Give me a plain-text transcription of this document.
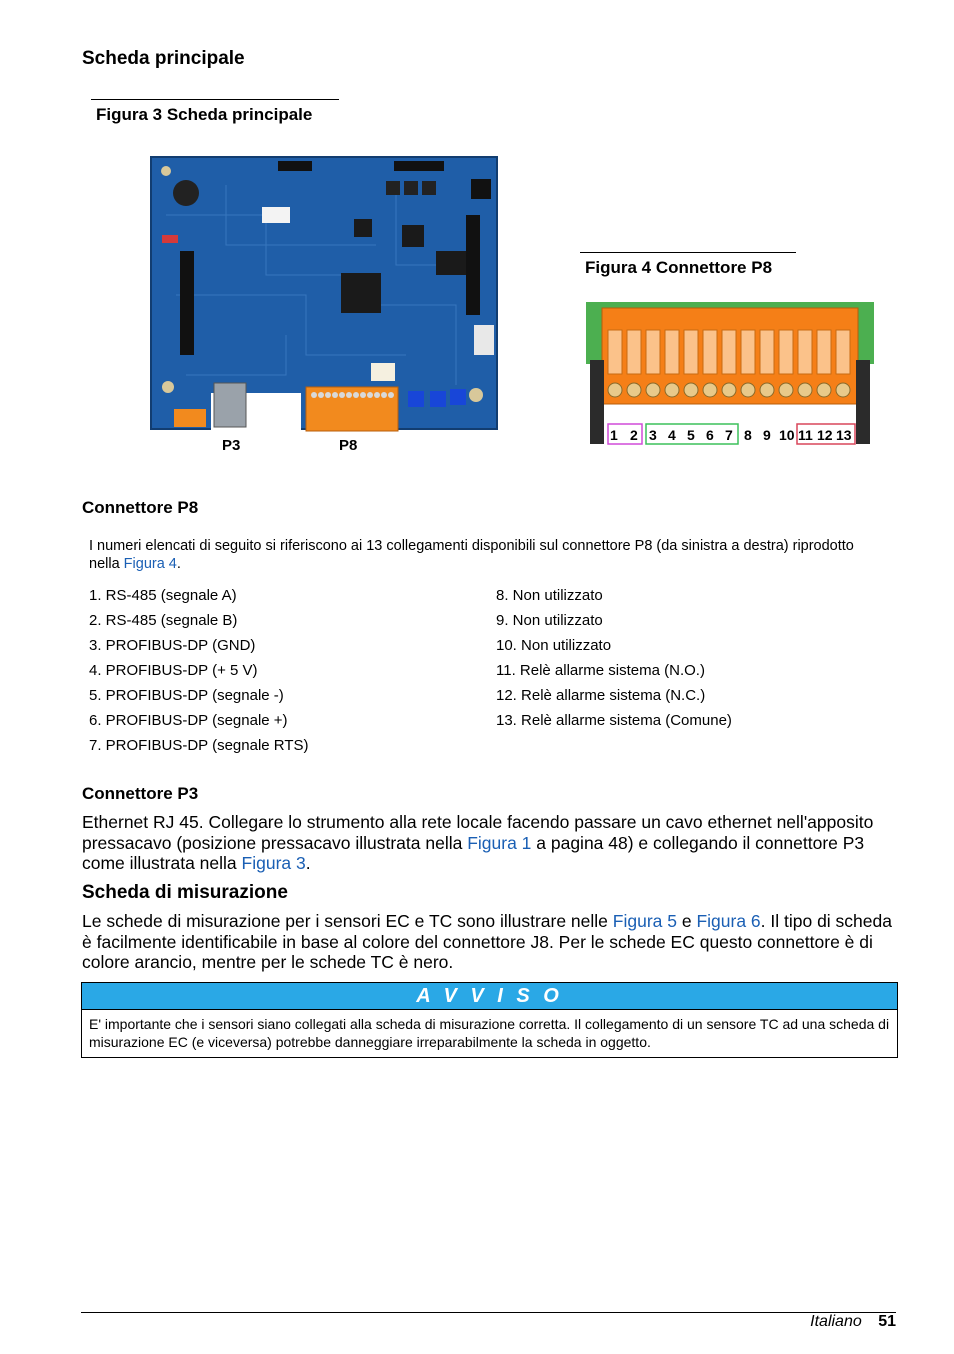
Scheda principale
Figura 3 Scheda principale
P3	P8
Figura 4 Connettore P8
1 2 3 4 5 6 7 8 9 10 11 12 13
Connettore P8
I numeri elencati di seguito si riferiscono ai 13 collegamenti disponibili sul connettore P8 (da sinistra a destra) riprodotto nella Figura 4.
1. RS-485 (segnale A)
2. RS-485 (segnale B)
3. PROFIBUS-DP (GND)
4. PROFIBUS-DP (+ 5 V)
5. PROFIBUS-DP (segnale -)
6. PROFIBUS-DP (segnale +)
7. PROFIBUS-DP (segnale RTS)
8. Non utilizzato
9. Non utilizzato
10. Non utilizzato
11. Relè allarme sistema (N.O.)
12. Relè allarme sistema (N.C.)
13. Relè allarme sistema (Comune)
Connettore P3
Ethernet RJ 45. Collegare lo strumento alla rete locale facendo passare un cavo ethernet nell'apposito pressacavo (posizione pressacavo illustrata nella Figura 1 a pagina 48) e collegando il connettore P3 come illustrata nella Figura 3.
Scheda di misurazione
Le schede di misurazione per i sensori EC e TC sono illustrare nelle Figura 5 e Figura 6. Il tipo di scheda è facilmente identificabile in base al colore del connettore J8. Per le schede EC questo connettore è di colore arancio, mentre per le schede TC è nero.
A V V I S O
E' importante che i sensori siano collegati alla scheda di misurazione corretta. Il collegamento di un sensore TC ad una scheda di misurazione EC (e viceversa) potrebbe danneggiare irreparabilmente la scheda in oggetto.
Italiano 51
